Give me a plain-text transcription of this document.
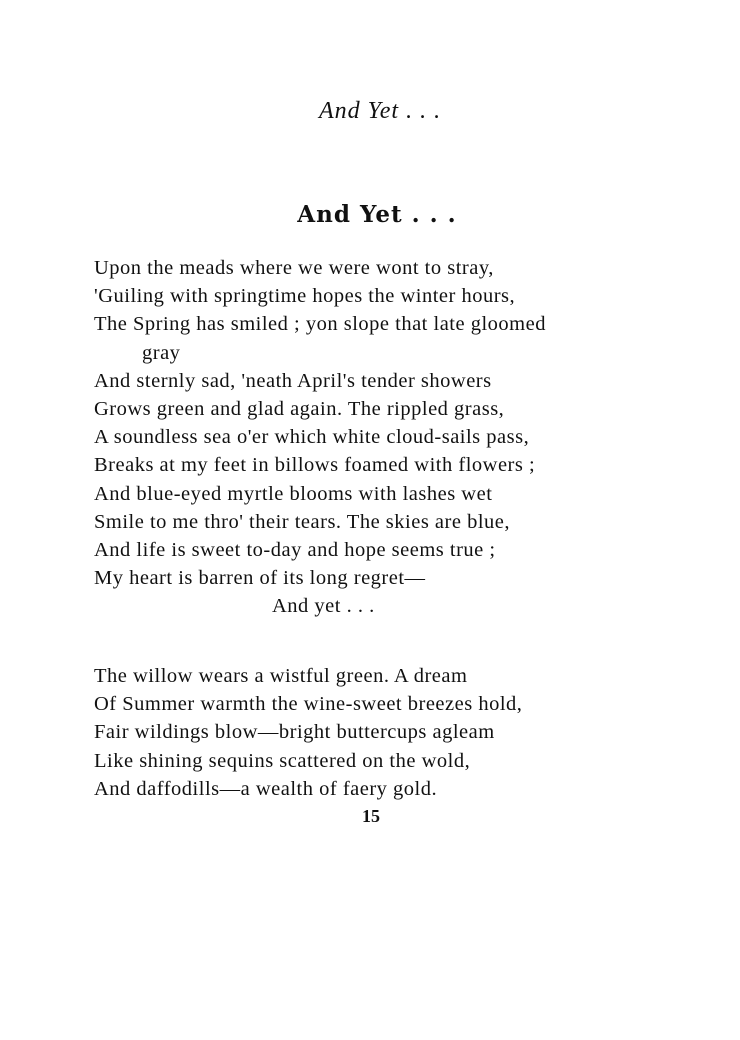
And Yet . . .
And Yet . . .
Upon the meads where we were wont to stray,
'Guiling with springtime hopes the winter hours,
The Spring has smiled ; yon slope that late gloomed
gray
And sternly sad, 'neath April's tender showers
Grows green and glad again. The rippled grass,
A soundless sea o'er which white cloud-sails pass,
Breaks at my feet in billows foamed with flowers ;
And blue-eyed myrtle blooms with lashes wet
Smile to me thro' their tears. The skies are blue,
And life is sweet to-day and hope seems true ;
My heart is barren of its long regret—
And yet . . .
The willow wears a wistful green. A dream
Of Summer warmth the wine-sweet breezes hold,
Fair wildings blow—bright buttercups agleam
Like shining sequins scattered on the wold,
And daffodills—a wealth of faery gold.
15
